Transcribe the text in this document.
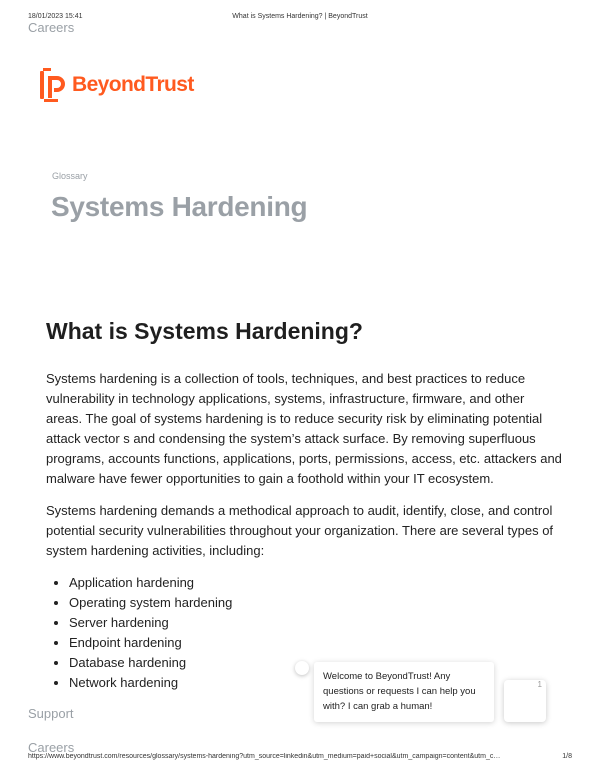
18/01/2023 15:41	What is Systems Hardening? | BeyondTrust
Careers
BeyondTrust
Glossary
Systems Hardening
What is Systems Hardening?

Systems hardening is a collection of tools, techniques, and best practices to reduce vulnerability in technology applications, systems, infrastructure, firmware, and other areas. The goal of systems hardening is to reduce security risk by eliminating potential attack vector s and condensing the system’s attack surface. By removing superfluous programs, accounts functions, applications, ports, permissions, access, etc. attackers and malware have fewer opportunities to gain a foothold within your IT ecosystem.

Systems hardening demands a methodical approach to audit, identify, close, and control potential security vulnerabilities throughout your organization. There are several types of system hardening activities, including:

• Application hardening
• Operating system hardening
• Server hardening
• Endpoint hardening
• Database hardening
• Network hardening
Support
Careers
Welcome to BeyondTrust! Any questions or requests I can help you with? I can grab a human!
1
https://www.beyondtrust.com/resources/glossary/systems-hardening?utm_source=linkedin&utm_medium=paid+social&utm_campaign=content&utm_c…	1/8
